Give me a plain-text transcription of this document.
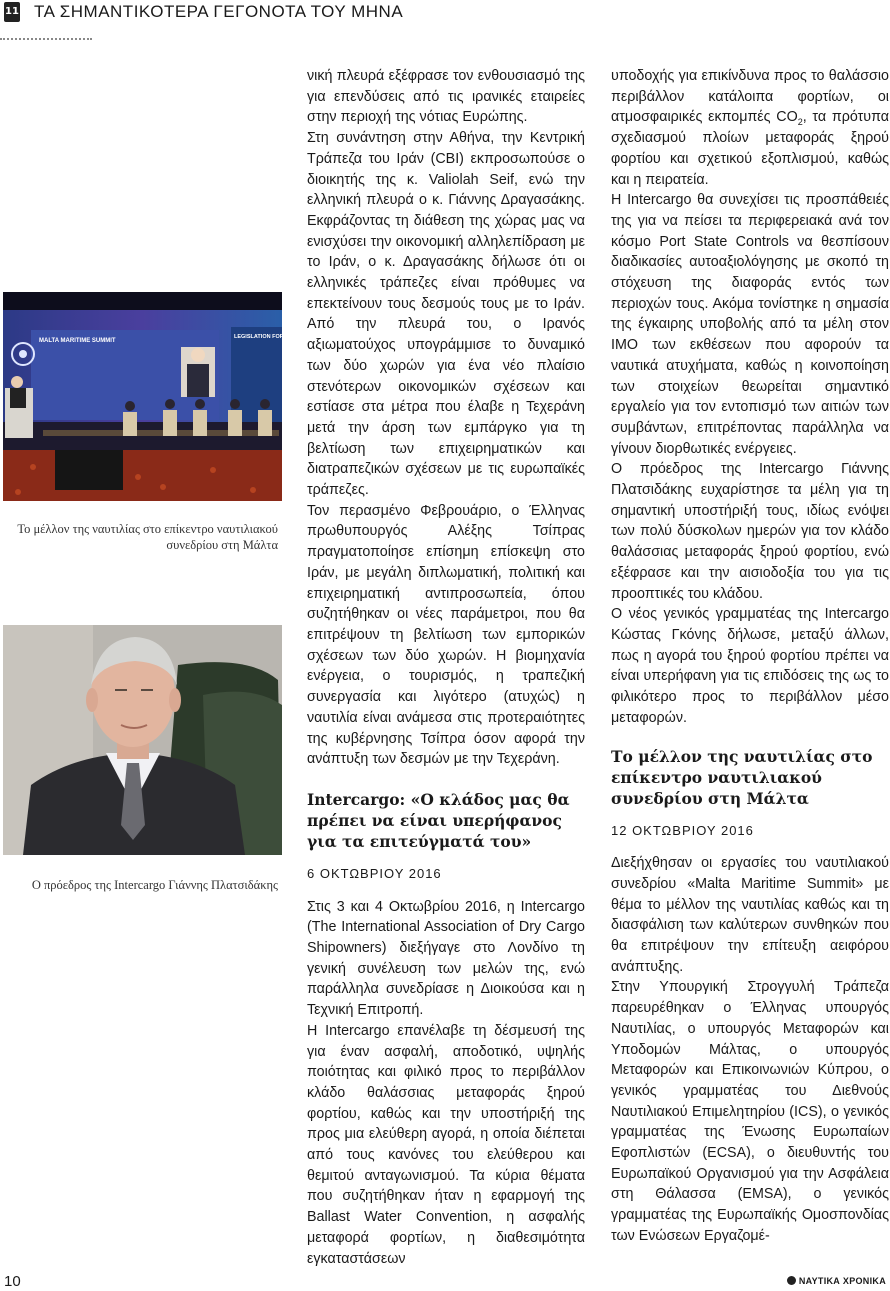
11 ΤΑ ΣΗΜΑΝΤΙΚΟΤΕΡΑ ΓΕΓΟΝΟΤΑ ΤΟΥ ΜΗΝΑ
MALTA MARITIME SUMMIT
LEGISLATION FOR THE INDUSTRY
Το μέλλον της ναυτιλίας στο επίκεντρο ναυτιλιακού συνεδρίου στη Μάλτα
Ο πρόεδρος της Intercargo Γιάννης Πλατσιδάκης

νική πλευρά εξέφρασε τον ενθουσιασμό της για επενδύσεις από τις ιρανικές εταιρείες στην περιοχή της νότιας Ευρώπης.

Στη συνάντηση στην Αθήνα, την Κεντρική Τράπεζα του Ιράν (CBI) εκπροσωπούσε ο διοικητής της κ. Valiolah Seif, ενώ την ελληνική πλευρά ο κ. Γιάννης Δραγασάκης. Εκφράζοντας τη διάθεση της χώρας μας να ενισχύσει την οικονομική αλληλεπίδραση με το Ιράν, ο κ. Δραγασάκης δήλωσε ότι οι ελληνικές τράπεζες είναι πρόθυμες να επεκτείνουν τους δεσμούς τους με το Ιράν. Από την πλευρά του, ο Ιρανός αξιωματούχος υπογράμμισε το δυναμικό των δύο χωρών για ένα νέο πλαίσιο στενότερων οικονομικών σχέσεων και εστίασε στα μέτρα που έλαβε η Τεχεράνη μετά την άρση των εμπάργκο για τη βελτίωση των επιχειρηματικών και διατραπεζικών σχέσεων με τις ευρωπαϊκές τράπεζες.

Τον περασμένο Φεβρουάριο, ο Έλληνας πρωθυπουργός Αλέξης Τσίπρας πραγματοποίησε επίσημη επίσκεψη στο Ιράν, με μεγάλη διπλωματική, πολιτική και επιχειρηματική αντιπροσωπεία, όπου συζητήθηκαν οι νέες παράμετροι, που θα επιτρέψουν τη βελτίωση των εμπορικών σχέσεων των δύο χωρών. Η βιομηχανία ενέργεια, ο τουρισμός, η τραπεζική συνεργασία και λιγότερο (ατυχώς) η ναυτιλία είναι ανάμεσα στις προτεραιότητες της κυβέρνησης Τσίπρα όσον αφορά την ανάπτυξη των δεσμών με την Τεχεράνη.

Intercargo: «Ο κλάδος μας θα πρέπει να είναι υπερήφανος για τα επιτεύγματά του»
6 ΟΚΤΩΒΡΙΟΥ 2016

Στις 3 και 4 Οκτωβρίου 2016, η Intercargo (The International Association of Dry Cargo Shipowners) διεξήγαγε στο Λονδίνο τη γενική συνέλευση των μελών της, ενώ παράλληλα συνεδρίασε η Διοικούσα και η Τεχνική Επιτροπή.

Η Intercargo επανέλαβε τη δέσμευσή της για έναν ασφαλή, αποδοτικό, υψηλής ποιότητας και φιλικό προς το περιβάλλον κλάδο θαλάσσιας μεταφοράς ξηρού φορτίου, καθώς και την υποστήριξή της προς μια ελεύθερη αγορά, η οποία διέπεται από τους κανόνες του ελεύθερου και θεμιτού ανταγωνισμού. Τα κύρια θέματα που συζητήθηκαν ήταν η εφαρμογή της Ballast Water Convention, η ασφαλής μεταφορά φορτίων, η διαθεσιμότητα εγκαταστάσεων

υποδοχής για επικίνδυνα προς το θαλάσσιο περιβάλλον κατάλοιπα φορτίων, οι ατμοσφαιρικές εκπομπές $CO_2$, τα πρότυπα σχεδιασμού πλοίων μεταφοράς ξηρού φορτίου και σχετικού εξοπλισμού, καθώς και η πειρατεία.

Η Intercargo θα συνεχίσει τις προσπάθειές της για να πείσει τα περιφερειακά ανά τον κόσμο Port State Controls να θεσπίσουν διαδικασίες αυτοαξιολόγησης με σκοπό τη στόχευση της διαφοράς εντός των περιοχών τους. Ακόμα τονίστηκε η σημασία της έγκαιρης υποβολής από τα μέλη στον IMO των εκθέσεων που αφορούν τα ναυτικά ατυχήματα, καθώς η κοινοποίηση των στοιχείων θεωρείται σημαντικό εργαλείο για τον εντοπισμό των αιτιών των συμβάντων, επιτρέποντας παράλληλα να γίνουν διορθωτικές ενέργειες.

Ο πρόεδρος της Intercargo Γιάννης Πλατσιδάκης ευχαρίστησε τα μέλη για τη σημαντική υποστήριξή τους, ιδίως ενόψει των πολύ δύσκολων ημερών για τον κλάδο θαλάσσιας μεταφοράς ξηρού φορτίου, ενώ εξέφρασε και την αισιοδοξία του για τις προοπτικές του κλάδου.

Ο νέος γενικός γραμματέας της Intercargo Κώστας Γκόνης δήλωσε, μεταξύ άλλων, πως η αγορά του ξηρού φορτίου πρέπει να είναι υπερήφανη για τις επιδόσεις της ως το φιλικότερο προς το περιβάλλον μέσο μεταφορών.

Το μέλλον της ναυτιλίας στο επίκεντρο ναυτιλιακού συνεδρίου στη Μάλτα
12 ΟΚΤΩΒΡΙΟΥ 2016

Διεξήχθησαν οι εργασίες του ναυτιλιακού συνεδρίου «Malta Maritime Summit» με θέμα το μέλλον της ναυτιλίας καθώς και τη διασφάλιση των καλύτερων συνθηκών που θα επιτρέψουν την επίτευξη αειφόρου ανάπτυξης.

Στην Υπουργική Στρογγυλή Τράπεζα παρευρέθηκαν ο Έλληνας υπουργός Ναυτιλίας, ο υπουργός Μεταφορών και Υποδομών Μάλτας, ο υπουργός Μεταφορών και Επικοινωνιών Κύπρου, ο γενικός γραμματέας του Διεθνούς Ναυτιλιακού Επιμελητηρίου (ICS), ο γενικός γραμματέας της Ένωσης Ευρωπαίων Εφοπλιστών (ECSA), ο διευθυντής του Ευρωπαϊκού Οργανισμού για την Ασφάλεια στη Θάλασσα (EMSA), ο γενικός γραμματέας της Ευρωπαϊκής Ομοσπονδίας των Ενώσεων Εργαζομέ-

10	ΝΑΥΤΙΚΑ ΧΡΟΝΙΚΑ
